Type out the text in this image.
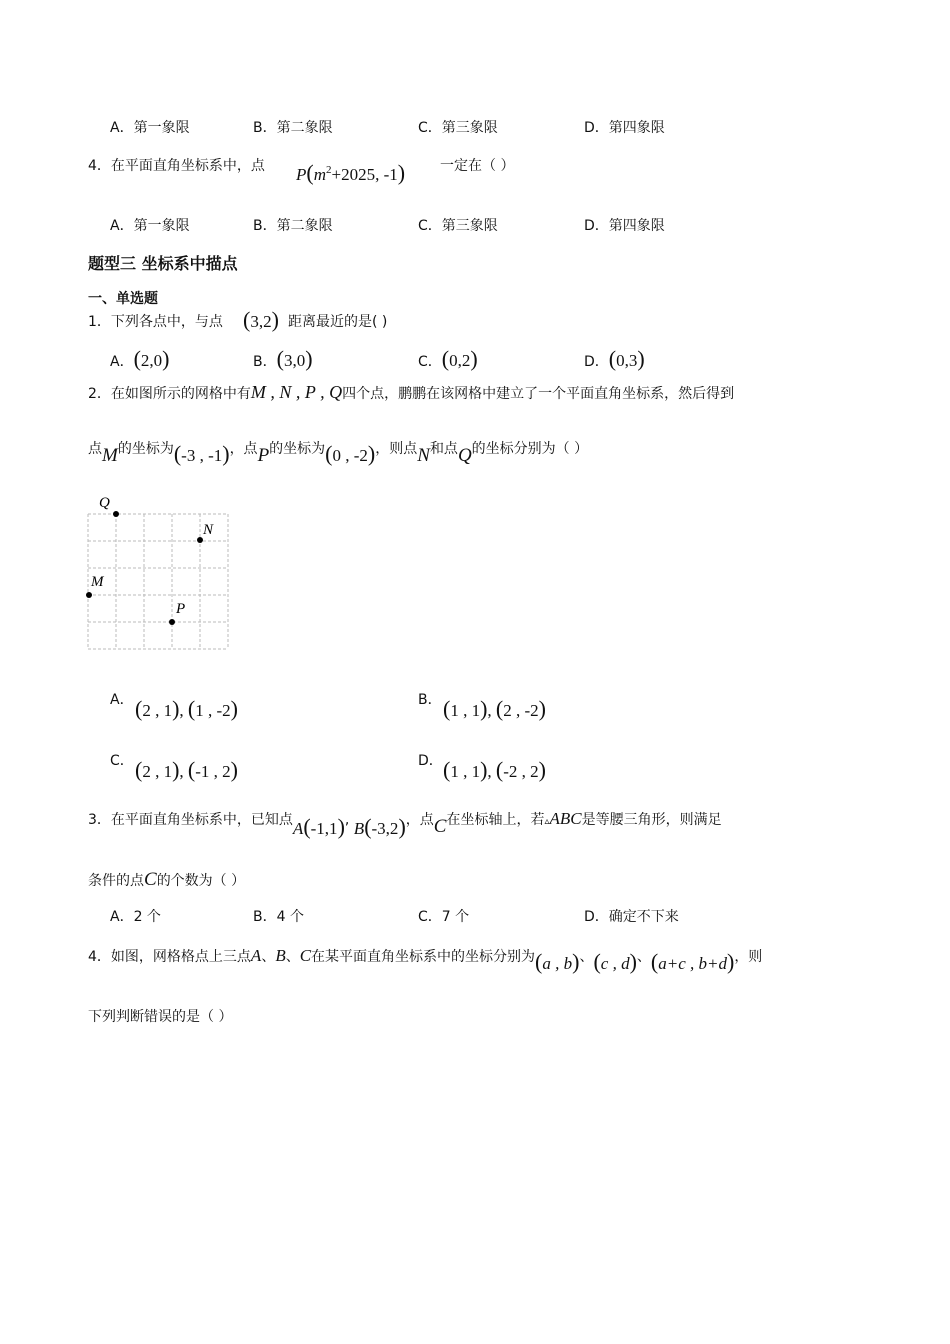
A．第一象限	B．第二象限	C．第三象限	D．第四象限
4．在平面直角坐标系中，点 $P(m^2+2025$, -1) 一定在（ ）
A．第一象限	B．第二象限	C．第三象限	D．第四象限
题型三 坐标系中描点
一、单选题
1．下列各点中，与点 (3,2) 距离最近的是( )
A．(2,0)	B．(3,0)	C．(0,2)	D．(0,3)
2．在如图所示的网格中有M , N , P , Q四个点，鹏鹏在该网格中建立了一个平面直角坐标系，然后得到
点M的坐标为(-3 , -1)，点P的坐标为(0 , -2)，则点N和点Q的坐标分别为（ ）
Q
N
M
P
A． (2 , 1), (1 , -2)	B． (1 , 1), (2 , -2)
C． (2 , 1), (-1 , 2)	D． (1 , 1), (-2 , 2)
3．在平面直角坐标系中，已知点A(-1,1), B(-3,2)，点C在坐标轴上，若▵ABC是等腰三角形，则满足
条件的点C的个数为（ ）
A．2 个	B．4 个	C．7 个	D．确定不下来
4．如图，网格格点上三点A、B、C在某平面直角坐标系中的坐标分别为(a , b)、(c , d)、(a+c , b+d)，则
下列判断错误的是（ ）
